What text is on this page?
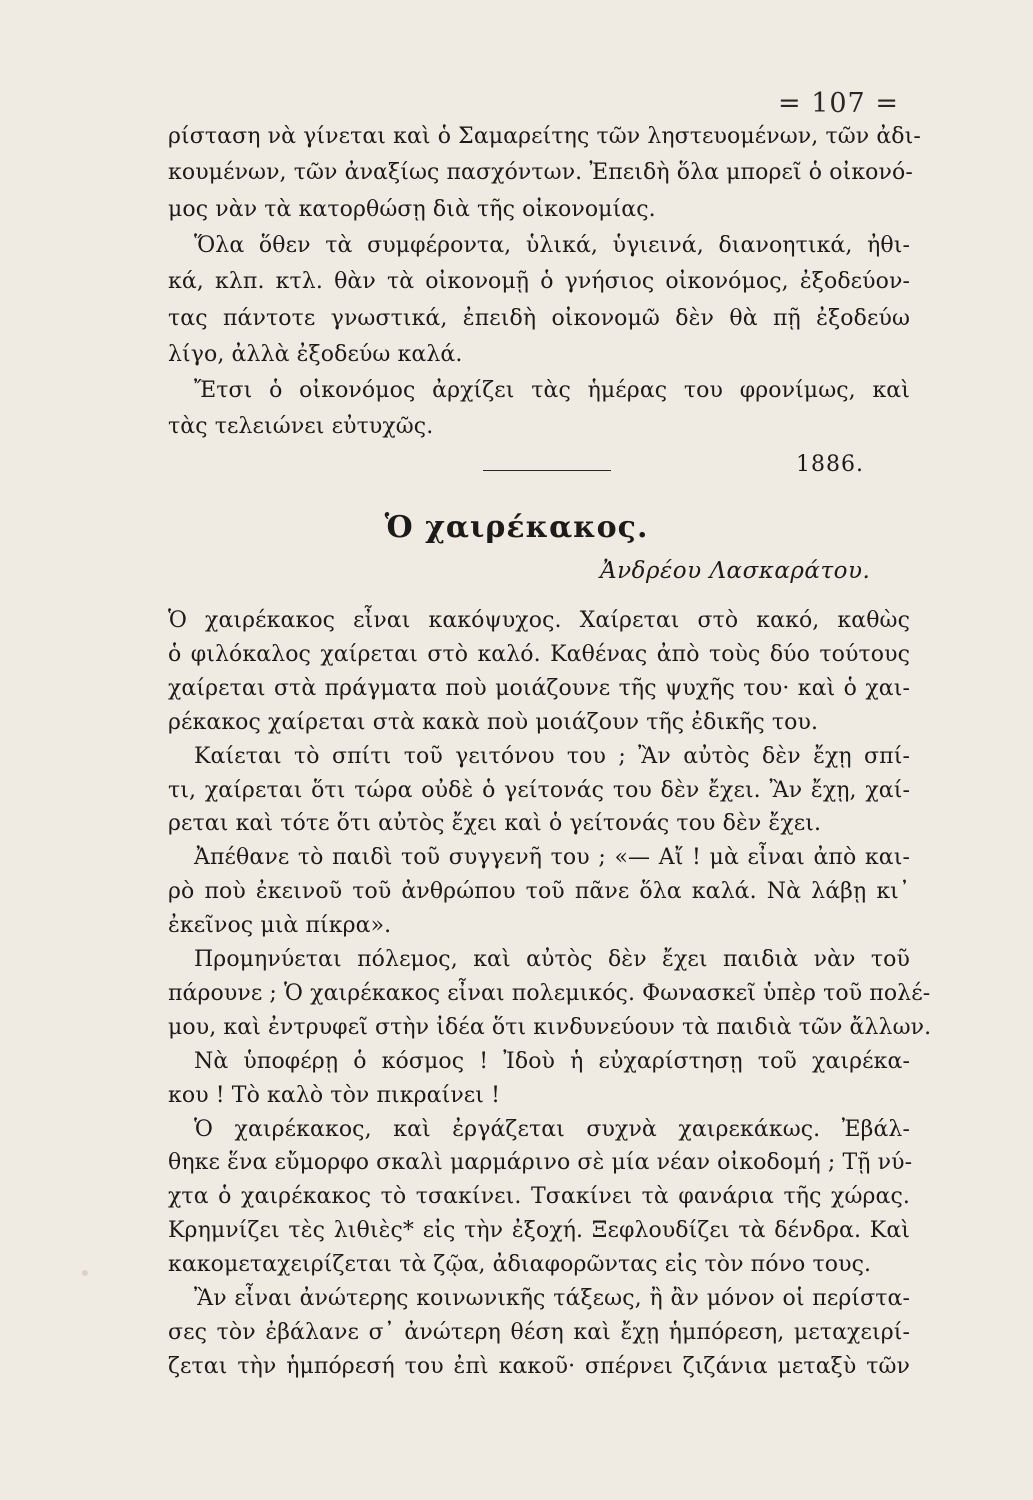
= 107 =
ρίσταση νὰ γίνεται καὶ ὁ Σαμαρείτης τῶν ληστευομένων, τῶν ἀδι-
κουμένων, τῶν ἀναξίως πασχόντων. Ἐπειδὴ ὅλα μπορεῖ ὁ οἰκονό-
μος νὰν τὰ κατορθώσῃ διὰ τῆς οἰκονομίας.
Ὅλα ὅθεν τὰ συμφέροντα, ὑλικά, ὑγιεινά, διανοητικά, ἠθι-
κά, κλπ. κτλ. θὰν τὰ οἰκονομῇ ὁ γνήσιος οἰκονόμος, ἐξοδεύον-
τας πάντοτε γνωστικά, ἐπειδὴ οἰκονομῶ δὲν θὰ πῇ ἐξοδεύω
λίγο, ἀλλὰ ἐξοδεύω καλά.
Ἔτσι ὁ οἰκονόμος ἀρχίζει τὰς ἡμέρας του φρονίμως, καὶ
τὰς τελειώνει εὐτυχῶς.
1886.
Ὁ χαιρέκακος.
Ἀνδρέου Λασκαράτου.
Ὁ χαιρέκακος εἶναι κακόψυχος. Χαίρεται στὸ κακό, καθὼς
ὁ φιλόκαλος χαίρεται στὸ καλό. Καθένας ἀπὸ τοὺς δύο τούτους
χαίρεται στὰ πράγματα ποὺ μοιάζουνε τῆς ψυχῆς του· καὶ ὁ χαι-
ρέκακος χαίρεται στὰ κακὰ ποὺ μοιάζουν τῆς ἐδικῆς του.
Καίεται τὸ σπίτι τοῦ γειτόνου του ; Ἂν αὐτὸς δὲν ἔχῃ σπί-
τι, χαίρεται ὅτι τώρα οὐδὲ ὁ γείτονάς του δὲν ἔχει. Ἂν ἔχῃ, χαί-
ρεται καὶ τότε ὅτι αὐτὸς ἔχει καὶ ὁ γείτονάς του δὲν ἔχει.
Ἀπέθανε τὸ παιδὶ τοῦ συγγενῆ του ; «— Αἴ ! μὰ εἶναι ἀπὸ και-
ρὸ ποὺ ἐκεινοῦ τοῦ ἀνθρώπου τοῦ πᾶνε ὅλα καλά. Νὰ λάβῃ κι᾽
ἐκεῖνος μιὰ πίκρα».
Προμηνύεται πόλεμος, καὶ αὐτὸς δὲν ἔχει παιδιὰ νὰν τοῦ
πάρουνε ; Ὁ χαιρέκακος εἶναι πολεμικός. Φωνασκεῖ ὑπὲρ τοῦ πολέ-
μου, καὶ ἐντρυφεῖ στὴν ἰδέα ὅτι κινδυνεύουν τὰ παιδιὰ τῶν ἄλλων.
Νὰ ὑποφέρῃ ὁ κόσμος ! Ἰδοὺ ἡ εὐχαρίστησῃ τοῦ χαιρέκα-
κου ! Τὸ καλὸ τὸν πικραίνει !
Ὁ χαιρέκακος, καὶ ἐργάζεται συχνὰ χαιρεκάκως. Ἐβάλ-
θηκε ἕνα εὔμορφο σκαλὶ μαρμάρινο σὲ μία νέαν οἰκοδομή ; Τῇ νύ-
χτα ὁ χαιρέκακος τὸ τσακίνει. Τσακίνει τὰ φανάρια τῆς χώρας.
Κρημνίζει τὲς λιθιὲς* εἰς τὴν ἐξοχή. Ξεφλουδίζει τὰ δένδρα. Καὶ
κακομεταχειρίζεται τὰ ζῷα, ἀδιαφορῶντας εἰς τὸν πόνο τους.
Ἂν εἶναι ἀνώτερης κοινωνικῆς τάξεως, ἢ ἂν μόνον οἱ περίστα-
σες τὸν ἐβάλανε σ᾽ ἀνώτερη θέση καὶ ἔχῃ ἡμπόρεση, μεταχειρί-
ζεται τὴν ἡμπόρεσή του ἐπὶ κακοῦ· σπέρνει ζιζάνια μεταξὺ τῶν
